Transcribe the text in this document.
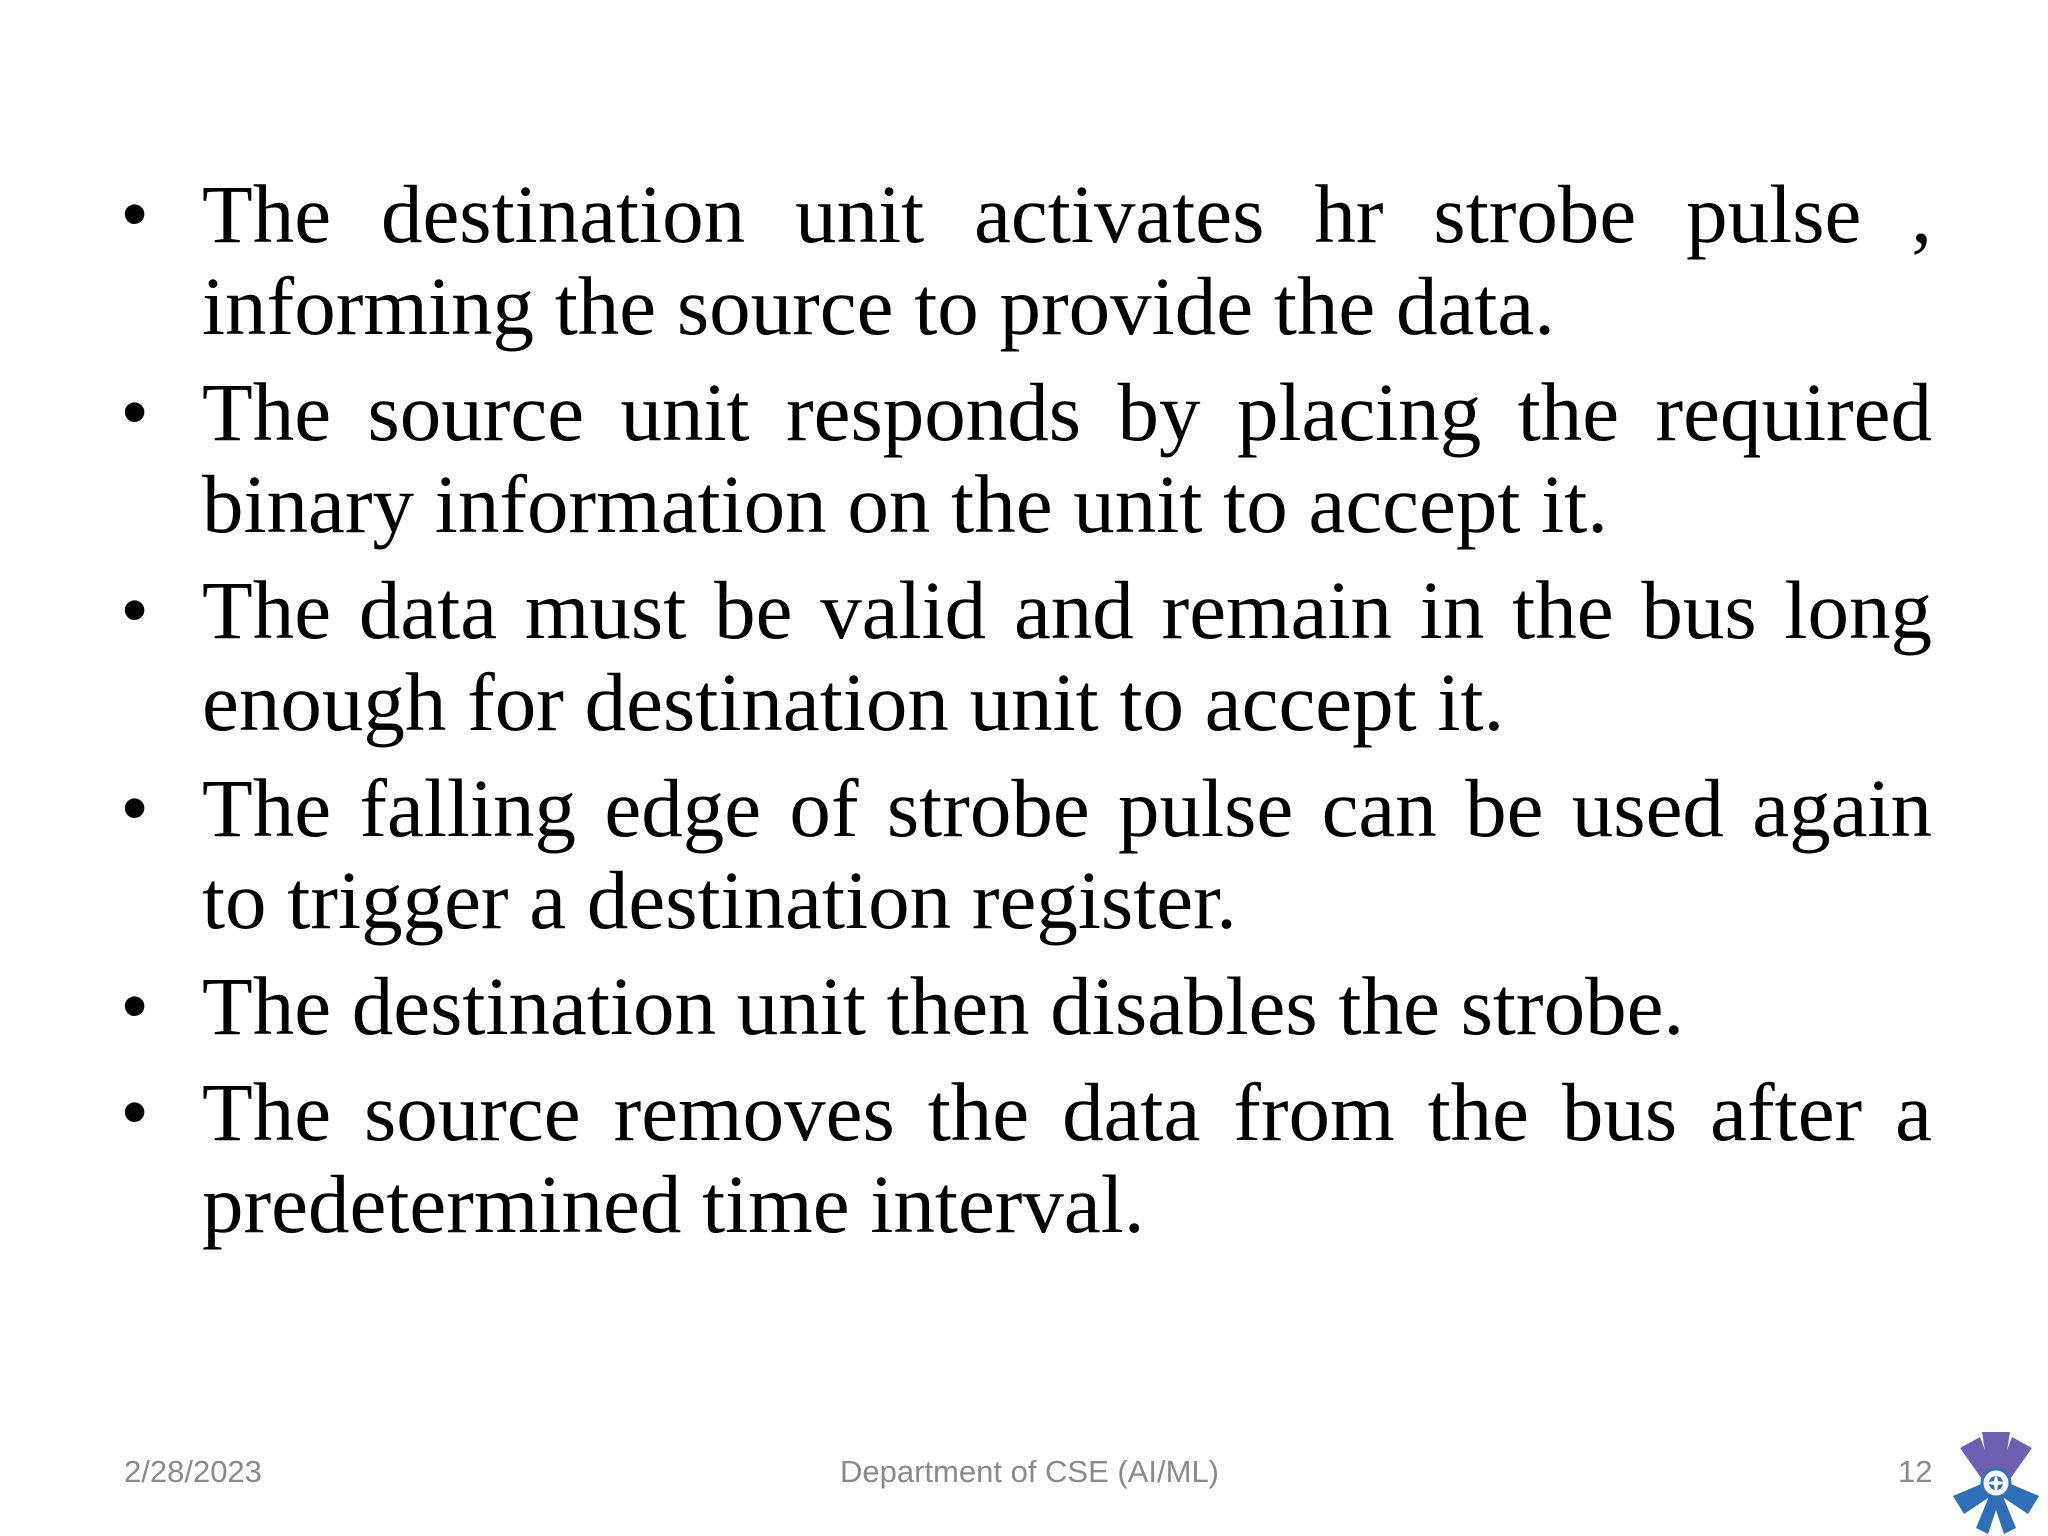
• The destination unit activates hr strobe pulse , informing the source to provide the data.
• The source unit responds by placing the required binary information on the unit to accept it.
• The data must be valid and remain in the bus long enough for destination unit to accept it.
• The falling edge of strobe pulse can be used again to trigger a destination register.
• The destination unit then disables the strobe.
• The source removes the data from the bus after a predetermined time interval.
2/28/2023	Department of CSE (AI/ML)	12
